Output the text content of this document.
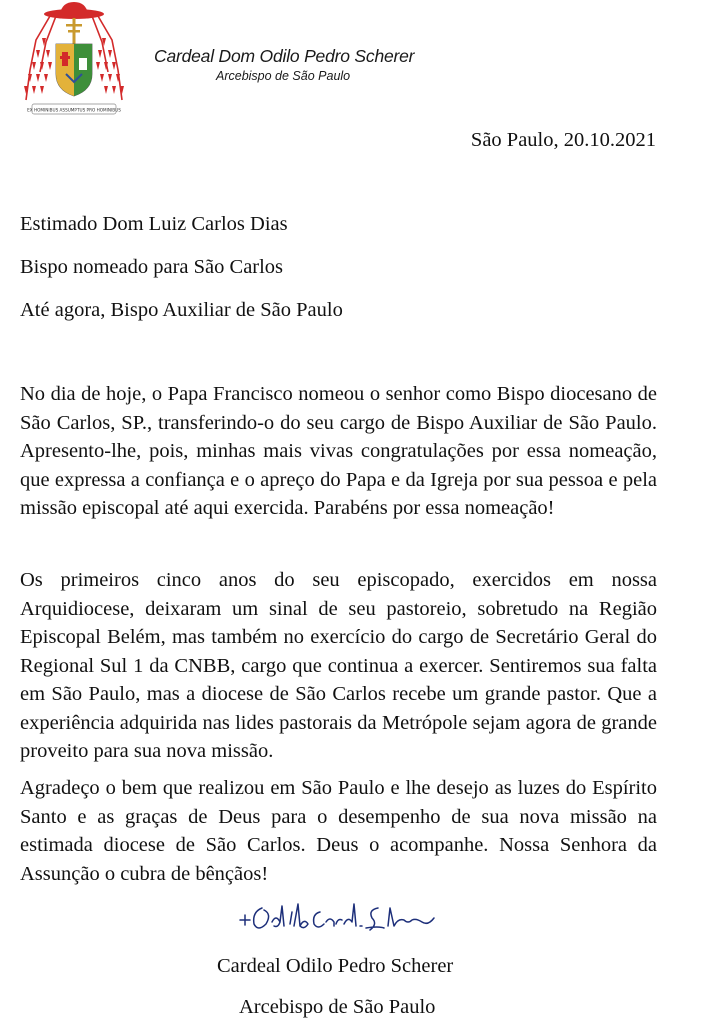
EX HOMINIBUS ASSUMPTUS PRO HOMINIBUS
Cardeal Dom Odilo Pedro Scherer
Arcebispo de São Paulo
São Paulo, 20.10.2021
Estimado Dom Luiz Carlos Dias
Bispo nomeado para São Carlos
Até agora, Bispo Auxiliar de São Paulo

No dia de hoje, o Papa Francisco nomeou o senhor como Bispo diocesano de São Carlos, SP., transferindo-o do seu cargo de Bispo Auxiliar de São Paulo. Apresento-lhe, pois, minhas mais vivas congratulações por essa nomeação, que expressa a confiança e o apreço do Papa e da Igreja por sua pessoa e pela missão episcopal até aqui exercida. Parabéns por essa nomeação!

Os primeiros cinco anos do seu episcopado, exercidos em nossa Arquidiocese, deixaram um sinal de seu pastoreio, sobretudo na Região Episcopal Belém, mas também no exercício do cargo de Secretário Geral do Regional Sul 1 da CNBB, cargo que continua a exercer. Sentiremos sua falta em São Paulo, mas a diocese de São Carlos recebe um grande pastor. Que a experiência adquirida nas lides pastorais da Metrópole sejam agora de grande proveito para sua nova missão.

Agradeço o bem que realizou em São Paulo e lhe desejo as luzes do Espírito Santo e as graças de Deus para o desempenho de sua nova missão na estimada diocese de São Carlos. Deus o acompanhe. Nossa Senhora da Assunção o cubra de bênçãos!

Cardeal Odilo Pedro Scherer
Arcebispo de São Paulo
